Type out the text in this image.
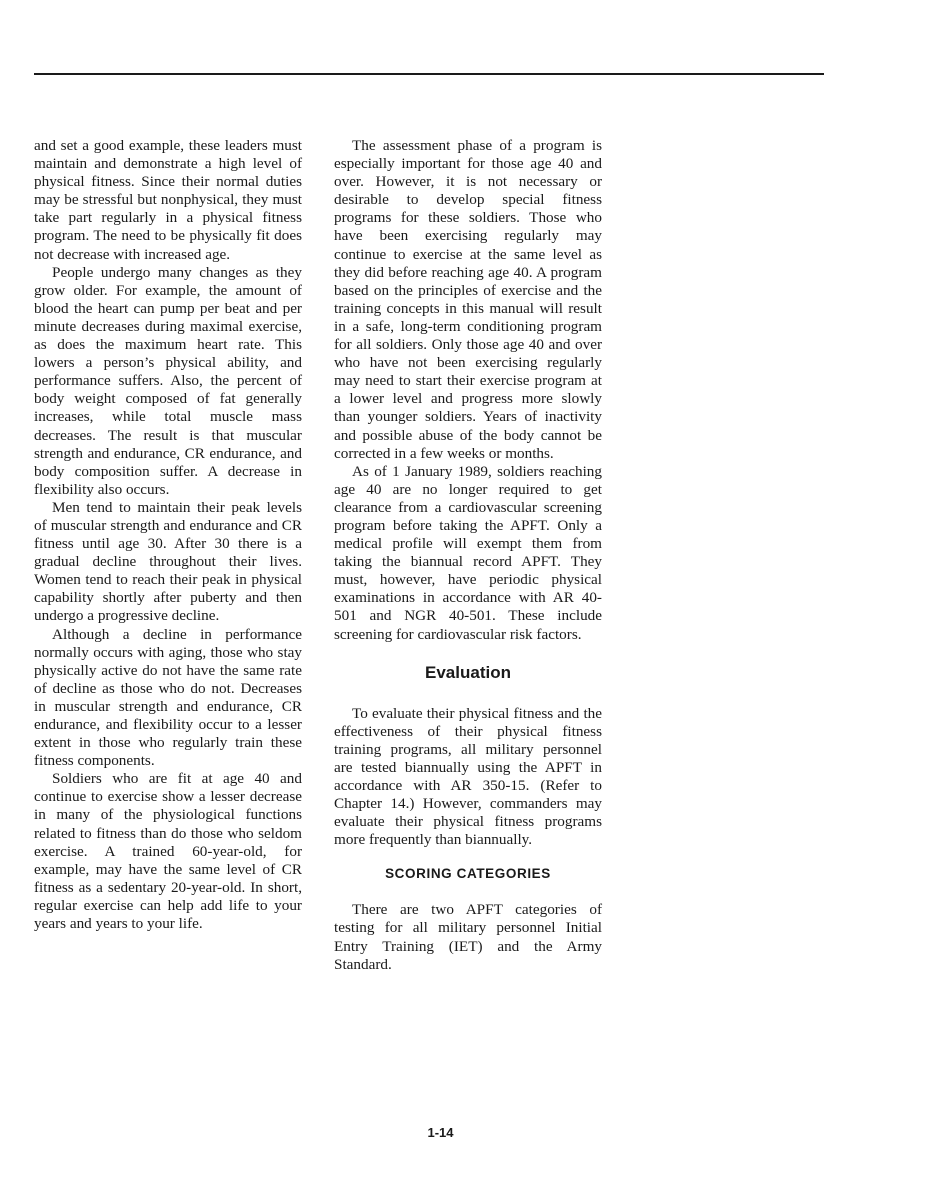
and set a good example, these leaders must maintain and demonstrate a high level of physical fitness. Since their normal duties may be stressful but nonphysical, they must take part regularly in a physical fitness program. The need to be physically fit does not decrease with increased age.

People undergo many changes as they grow older. For example, the amount of blood the heart can pump per beat and per minute decreases during maximal exercise, as does the maximum heart rate. This lowers a person’s physical ability, and performance suffers. Also, the percent of body weight composed of fat generally increases, while total muscle mass decreases. The result is that muscular strength and endurance, CR endurance, and body composition suffer. A decrease in flexibility also occurs.

Men tend to maintain their peak levels of muscular strength and endurance and CR fitness until age 30. After 30 there is a gradual decline throughout their lives. Women tend to reach their peak in physical capability shortly after puberty and then undergo a progressive decline.

Although a decline in performance normally occurs with aging, those who stay physically active do not have the same rate of decline as those who do not. Decreases in muscular strength and endurance, CR endurance, and flexibility occur to a lesser extent in those who regularly train these fitness components.

Soldiers who are fit at age 40 and continue to exercise show a lesser decrease in many of the physiological functions related to fitness than do those who seldom exercise. A trained 60-year-old, for example, may have the same level of CR fitness as a sedentary 20-year-old. In short, regular exercise can help add life to your years and years to your life.

The assessment phase of a program is especially important for those age 40 and over. However, it is not necessary or desirable to develop special fitness programs for these soldiers. Those who have been exercising regularly may continue to exercise at the same level as they did before reaching age 40. A program based on the principles of exercise and the training concepts in this manual will result in a safe, long-term conditioning program for all soldiers. Only those age 40 and over who have not been exercising regularly may need to start their exercise program at a lower level and progress more slowly than younger soldiers. Years of inactivity and possible abuse of the body cannot be corrected in a few weeks or months.

As of 1 January 1989, soldiers reaching age 40 are no longer required to get clearance from a cardiovascular screening program before taking the APFT. Only a medical profile will exempt them from taking the biannual record APFT. They must, however, have periodic physical examinations in accordance with AR 40-501 and NGR 40-501. These include screening for cardiovascular risk factors.

Evaluation

To evaluate their physical fitness and the effectiveness of their physical fitness training programs, all military personnel are tested biannually using the APFT in accordance with AR 350-15. (Refer to Chapter 14.) However, commanders may evaluate their physical fitness programs more frequently than biannually.

SCORING CATEGORIES

There are two APFT categories of testing for all military personnel Initial Entry Training (IET) and the Army Standard.

1-14
